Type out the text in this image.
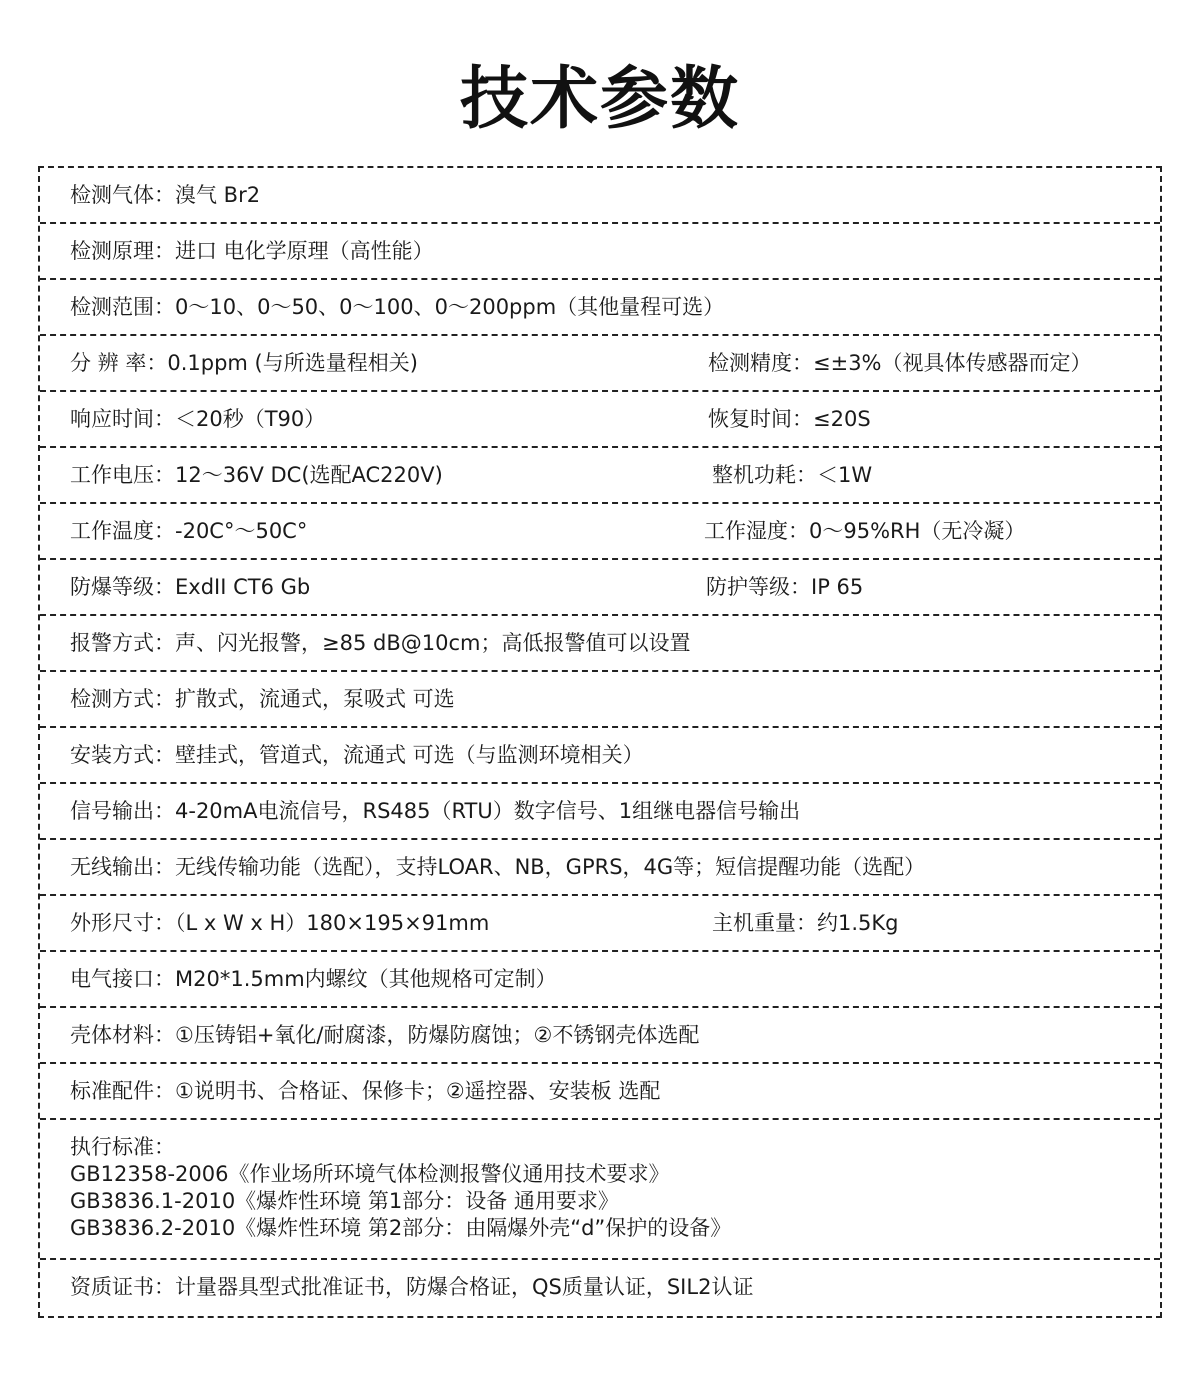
技术参数
检测气体：溴气 Br2
检测原理：进口 电化学原理（高性能）
检测范围：0～10、0～50、0～100、0～200ppm（其他量程可选）
分 辨 率：0.1ppm (与所选量程相关)	检测精度：≤±3%（视具体传感器而定）
响应时间：＜20秒（T90）	恢复时间：≤20S
工作电压：12～36V DC(选配AC220V)	整机功耗：＜1W
工作温度：-20C°～50C°	工作湿度：0～95%RH（无冷凝）
防爆等级：ExdII CT6 Gb	防护等级：IP 65
报警方式：声、闪光报警，≥85 dB@10cm；高低报警值可以设置
检测方式：扩散式，流通式，泵吸式 可选
安装方式：壁挂式，管道式，流通式 可选（与监测环境相关）
信号输出：4-20mA电流信号，RS485（RTU）数字信号、1组继电器信号输出
无线输出：无线传输功能（选配），支持LOAR、NB，GPRS，4G等；短信提醒功能（选配）
外形尺寸：（L x W x H）180×195×91mm	主机重量：约1.5Kg
电气接口：M20*1.5mm内螺纹（其他规格可定制）
壳体材料：①压铸铝+氧化/耐腐漆，防爆防腐蚀；②不锈钢壳体选配
标准配件：①说明书、合格证、保修卡；②遥控器、安装板 选配
执行标准：
GB12358-2006《作业场所环境气体检测报警仪通用技术要求》
GB3836.1-2010《爆炸性环境 第1部分：设备 通用要求》
GB3836.2-2010《爆炸性环境 第2部分：由隔爆外壳“d”保护的设备》
资质证书：计量器具型式批准证书，防爆合格证，QS质量认证，SIL2认证
